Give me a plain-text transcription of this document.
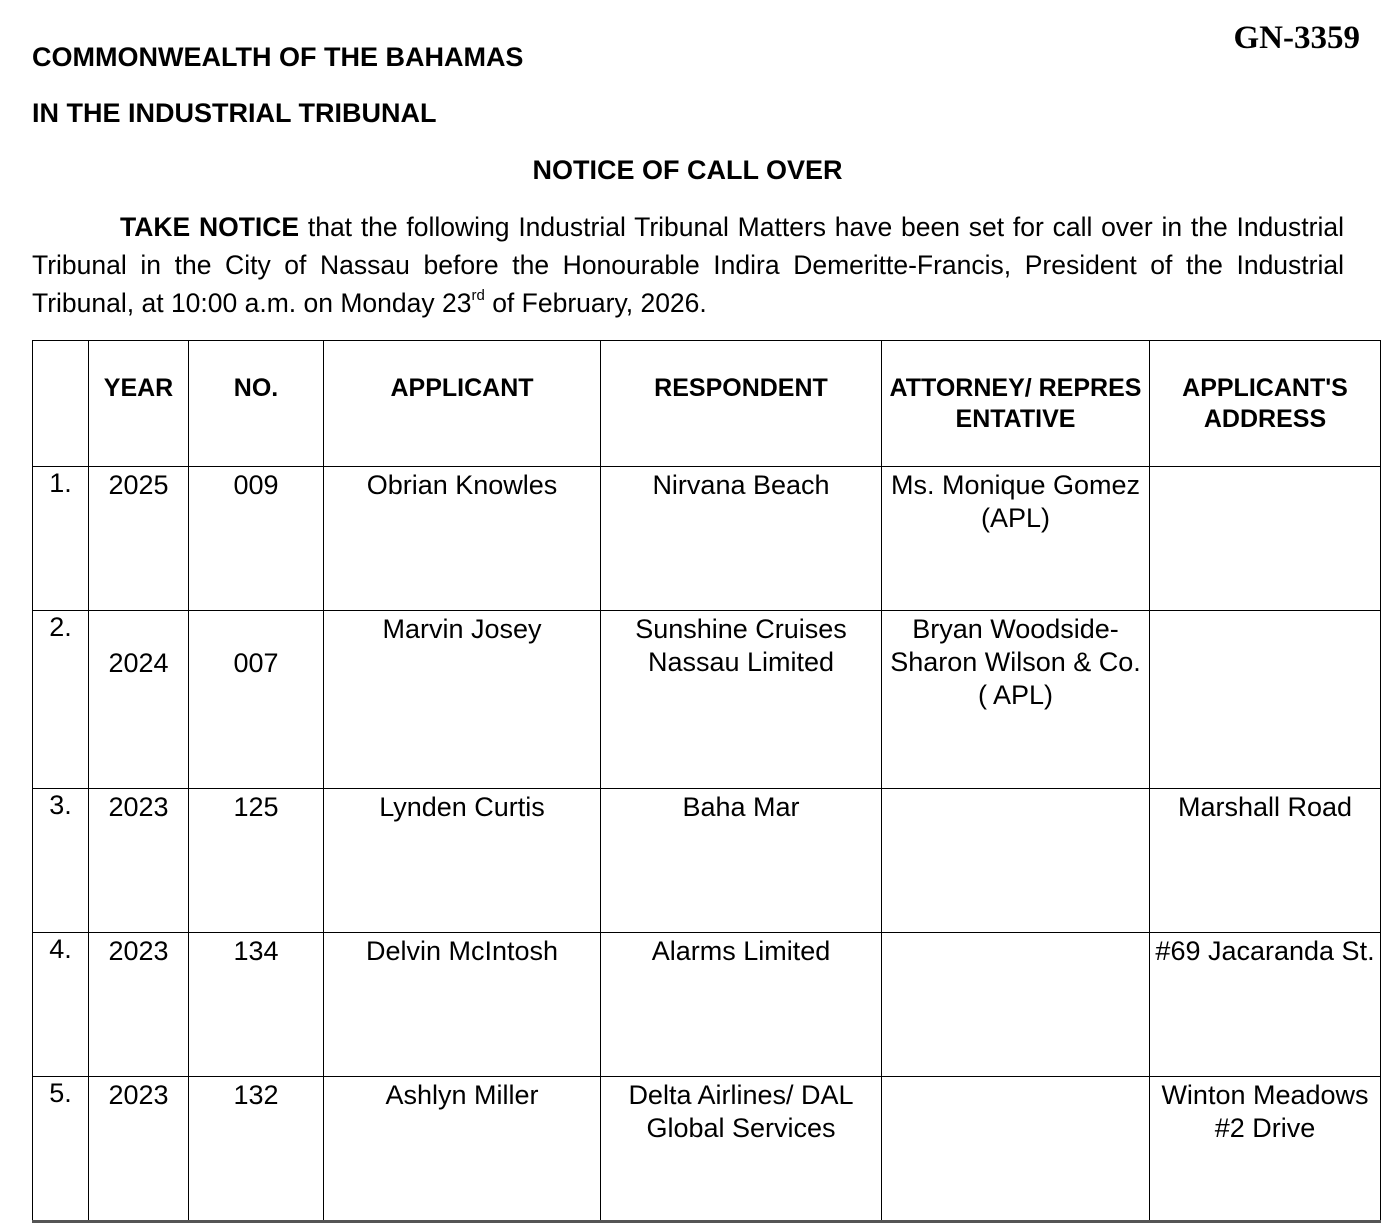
GN-3359
COMMONWEALTH OF THE BAHAMAS
IN THE INDUSTRIAL TRIBUNAL
NOTICE OF CALL OVER
TAKE NOTICE that the following Industrial Tribunal Matters have been set for call over in the Industrial Tribunal in the City of Nassau before the Honourable Indira Demeritte-Francis, President of the Industrial Tribunal, at 10:00 a.m. on Monday 23rd of February, 2026.
	YEAR	NO.	APPLICANT	RESPONDENT	ATTORNEY/ REPRESENTATIVE	APPLICANT'S ADDRESS
1.	2025	009	Obrian Knowles	Nirvana Beach	Ms. Monique Gomez (APL)	
2.	2024	007	Marvin Josey	Sunshine Cruises Nassau Limited	Bryan Woodside-Sharon Wilson & Co.( APL)	
3.	2023	125	Lynden Curtis	Baha Mar		Marshall Road
4.	2023	134	Delvin McIntosh	Alarms Limited		#69 Jacaranda St.
5.	2023	132	Ashlyn Miller	Delta Airlines/ DAL Global Services		Winton Meadows #2 Drive
